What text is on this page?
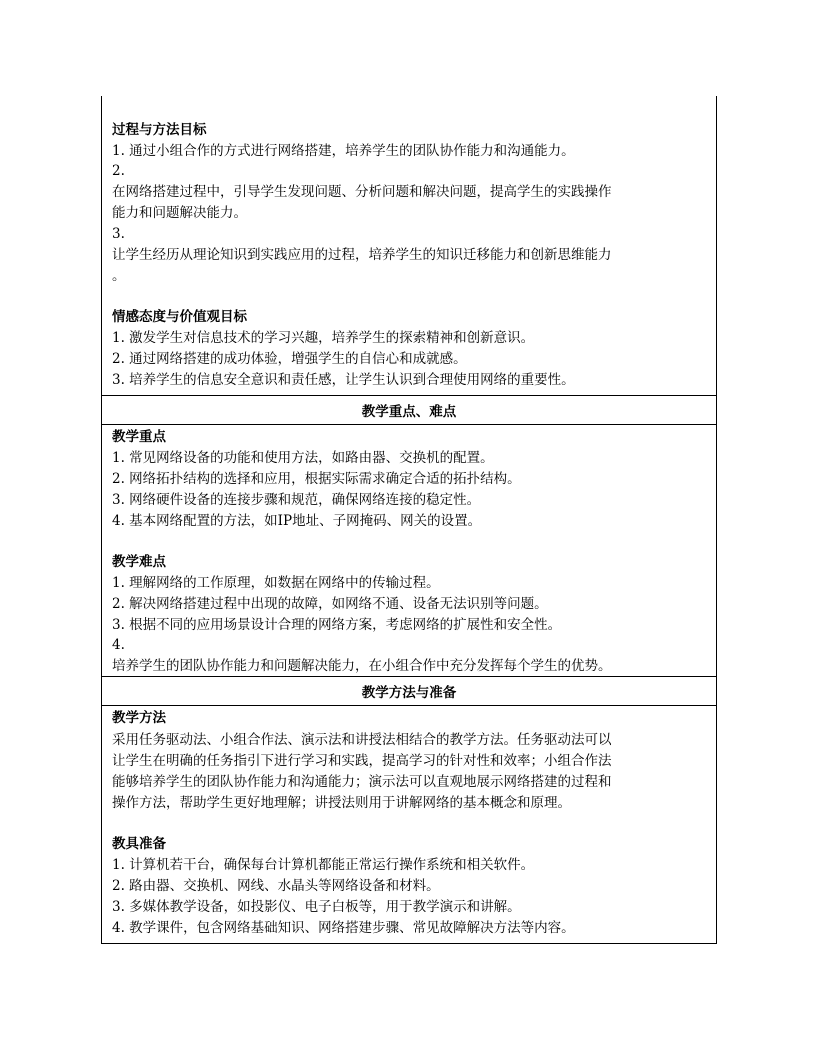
过程与方法目标
1. 通过小组合作的方式进行网络搭建，培养学生的团队协作能力和沟通能力。
2.
在网络搭建过程中，引导学生发现问题、分析问题和解决问题，提高学生的实践操作
能力和问题解决能力。
3.
让学生经历从理论知识到实践应用的过程，培养学生的知识迁移能力和创新思维能力
。
情感态度与价值观目标
1. 激发学生对信息技术的学习兴趣，培养学生的探索精神和创新意识。
2. 通过网络搭建的成功体验，增强学生的自信心和成就感。
3. 培养学生的信息安全意识和责任感，让学生认识到合理使用网络的重要性。
教学重点、难点
教学重点
1. 常见网络设备的功能和使用方法，如路由器、交换机的配置。
2. 网络拓扑结构的选择和应用，根据实际需求确定合适的拓扑结构。
3. 网络硬件设备的连接步骤和规范，确保网络连接的稳定性。
4. 基本网络配置的方法，如IP地址、子网掩码、网关的设置。
教学难点
1. 理解网络的工作原理，如数据在网络中的传输过程。
2. 解决网络搭建过程中出现的故障，如网络不通、设备无法识别等问题。
3. 根据不同的应用场景设计合理的网络方案，考虑网络的扩展性和安全性。
4.
培养学生的团队协作能力和问题解决能力，在小组合作中充分发挥每个学生的优势。
教学方法与准备
教学方法
采用任务驱动法、小组合作法、演示法和讲授法相结合的教学方法。任务驱动法可以
让学生在明确的任务指引下进行学习和实践，提高学习的针对性和效率；小组合作法
能够培养学生的团队协作能力和沟通能力；演示法可以直观地展示网络搭建的过程和
操作方法，帮助学生更好地理解；讲授法则用于讲解网络的基本概念和原理。
教具准备
1. 计算机若干台，确保每台计算机都能正常运行操作系统和相关软件。
2. 路由器、交换机、网线、水晶头等网络设备和材料。
3. 多媒体教学设备，如投影仪、电子白板等，用于教学演示和讲解。
4. 教学课件，包含网络基础知识、网络搭建步骤、常见故障解决方法等内容。
